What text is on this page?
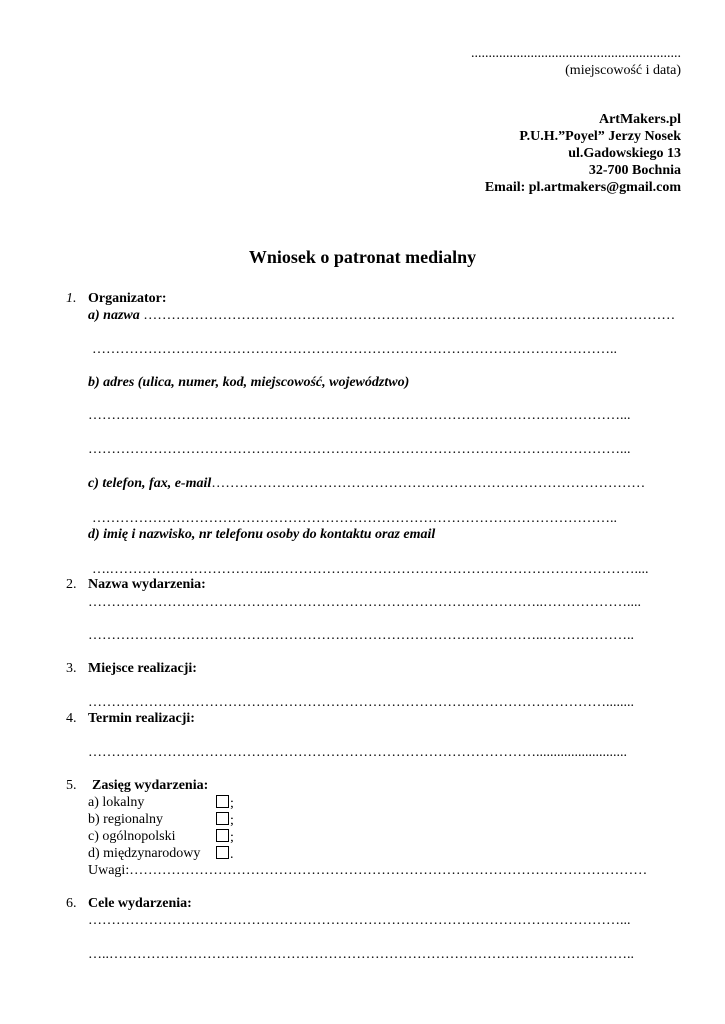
............................................................
(miejscowość i data)
ArtMakers.pl
P.U.H.”Poyel” Jerzy Nosek
ul.Gadowskiego 13
32-700 Bochnia
Email: pl.artmakers@gmail.com
Wniosek o patronat medialny
1. Organizator:
a) nazwa ……………………………………………………………………………………………………
…………………………………………………………………………………………………..
b) adres (ulica, numer, kod, miejscowość, województwo)
……………………………………………………………………………………………………...
……………………………………………………………………………………………………...
c) telefon, fax, e-mail…………………………………………………………………………………
…………………………………………………………………………………………………..
d) imię i nazwisko, nr telefonu osoby do kontaktu oraz email
….……………………………..……………………………………………………………………....
2. Nazwa wydarzenia:
……………………………………………………………………………………..………………....
……………………………………………………………………………………..………………..
3. Miejsce realizacji:
…………………………………………………………………………………………………........
4. Termin realizacji:
……………………………………………………………………………………..........................
5. Zasięg wydarzenia:
a) lokalny	;
b) regionalny	;
c) ogólnopolski	;
d) międzynarodowy	.
Uwagi:…………………………………………………………………………………………………
6. Cele wydarzenia:
……………………………………………………………………………………………………...
…..…………………………………………………………………………………………………..
